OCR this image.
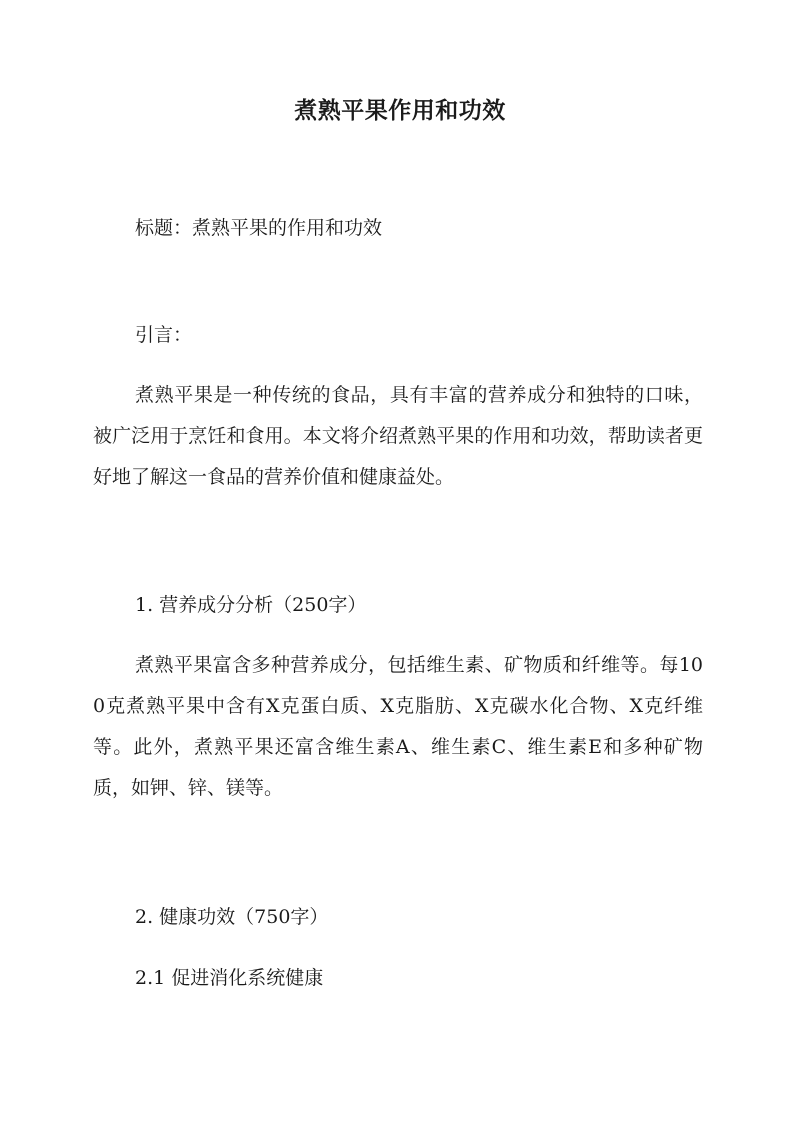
煮熟平果作用和功效
标题：煮熟平果的作用和功效
引言：
煮熟平果是一种传统的食品，具有丰富的营养成分和独特的口味，被广泛用于烹饪和食用。本文将介绍煮熟平果的作用和功效，帮助读者更好地了解这一食品的营养价值和健康益处。
1. 营养成分分析（250字）
煮熟平果富含多种营养成分，包括维生素、矿物质和纤维等。每100克煮熟平果中含有X克蛋白质、X克脂肪、X克碳水化合物、X克纤维等。此外，煮熟平果还富含维生素A、维生素C、维生素E和多种矿物质，如钾、锌、镁等。
2. 健康功效（750字）
2.1 促进消化系统健康
